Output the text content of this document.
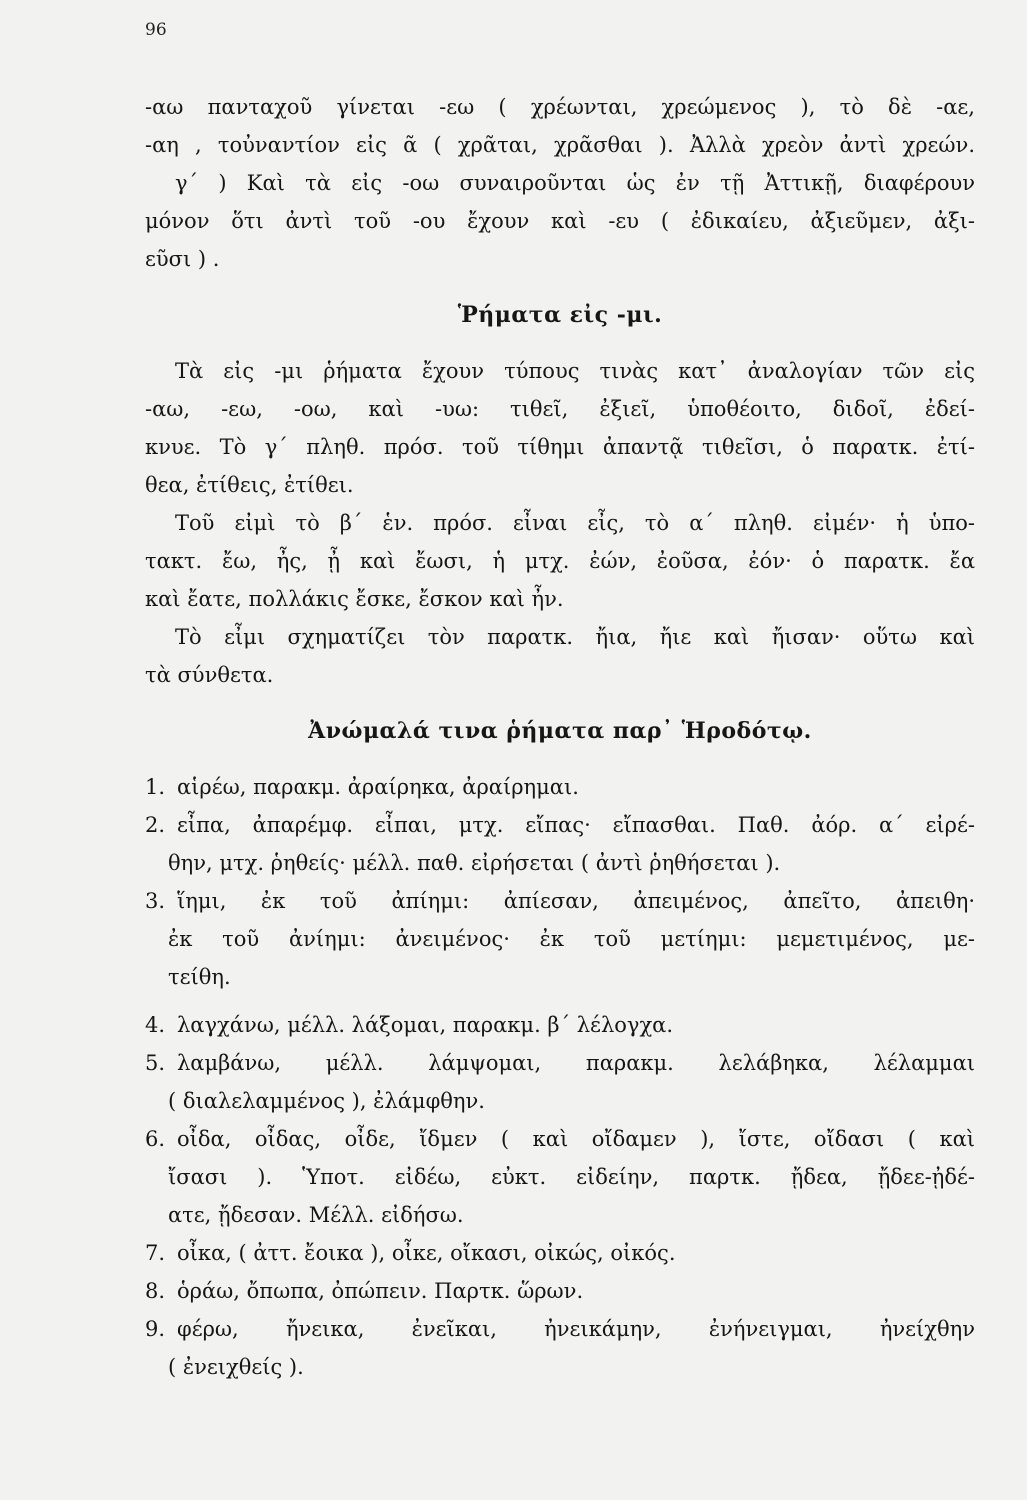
96
-αω πανταχοῦ γίνεται -εω ( χρέωνται, χρεώμενος ), τὸ δὲ -αε,
-αη , τοὐναντίον εἰς ᾶ ( χρᾶται, χρᾶσθαι ). Ἀλλὰ χρεὸν ἀντὶ χρεών.
γ΄ ) Καὶ τὰ εἰς -οω συναιροῦνται ὡς ἐν τῇ Ἀττικῇ, διαφέρουν
μόνον ὅτι ἀντὶ τοῦ -ου ἔχουν καὶ -ευ ( ἐδικαίευ, ἀξιεῦμεν, ἀξι-
εῦσι ) .
Ῥήματα εἰς -μι.
Τὰ εἰς -μι ῥήματα ἔχουν τύπους τινὰς κατ᾽ ἀναλογίαν τῶν εἰς
-αω, -εω, -οω, καὶ -υω: τιθεῖ, ἐξιεῖ, ὑποθέοιτο, διδοῖ, ἐδεί-
κνυε. Τὸ γ΄ πληθ. πρόσ. τοῦ τίθημι ἀπαντᾷ τιθεῖσι, ὁ παρατκ. ἐτί-
θεα, ἐτίθεις, ἐτίθει.
Τοῦ εἰμὶ τὸ β΄ ἑν. πρόσ. εἶναι εἶς, τὸ α΄ πληθ. εἰμέν· ἡ ὑπο-
τακτ. ἔω, ἦς, ᾖ καὶ ἔωσι, ἡ μτχ. ἐών, ἐοῦσα, ἐόν· ὁ παρατκ. ἔα
καὶ ἔατε, πολλάκις ἔσκε, ἔσκον καὶ ἦν.
Τὸ εἶμι σχηματίζει τὸν παρατκ. ἤια, ἤιε καὶ ἤισαν· οὕτω καὶ
τὰ σύνθετα.
Ἀνώμαλά τινα ῥήματα παρ᾽ Ἡροδότῳ.
1. αἱρέω, παρακμ. ἀραίρηκα, ἀραίρημαι.
2. εἶπα, ἀπαρέμφ. εἶπαι, μτχ. εἴπας· εἴπασθαι. Παθ. ἀόρ. α΄ εἰρέ-
θην, μτχ. ῥηθείς· μέλλ. παθ. εἰρήσεται ( ἀντὶ ῥηθήσεται ).
3. ἵημι, ἐκ τοῦ ἀπίημι: ἀπίεσαν, ἀπειμένος, ἀπεῖτο, ἀπειθη·
ἐκ τοῦ ἀνίημι: ἀνειμένος· ἐκ τοῦ μετίημι: μεμετιμένος, με-
τείθη.
4. λαγχάνω, μέλλ. λάξομαι, παρακμ. β΄ λέλογχα.
5. λαμβάνω, μέλλ. λάμψομαι, παρακμ. λελάβηκα, λέλαμμαι
( διαλελαμμένος ), ἐλάμφθην.
6. οἶδα, οἶδας, οἶδε, ἴδμεν ( καὶ οἴδαμεν ), ἴστε, οἴδασι ( καὶ
ἴσασι ). Ὑποτ. εἰδέω, εὐκτ. εἰδείην, παρτκ. ᾔδεα, ᾔδεε-ᾐδέ-
ατε, ᾔδεσαν. Μέλλ. εἰδήσω.
7. οἶκα, ( ἀττ. ἔοικα ), οἶκε, οἴκασι, οἰκώς, οἰκός.
8. ὁράω, ὄπωπα, ὀπώπειν. Παρτκ. ὥρων.
9. φέρω, ἤνεικα, ἐνεῖκαι, ἠνεικάμην, ἐνήνειγμαι, ἠνείχθην
( ἐνειχθείς ).
